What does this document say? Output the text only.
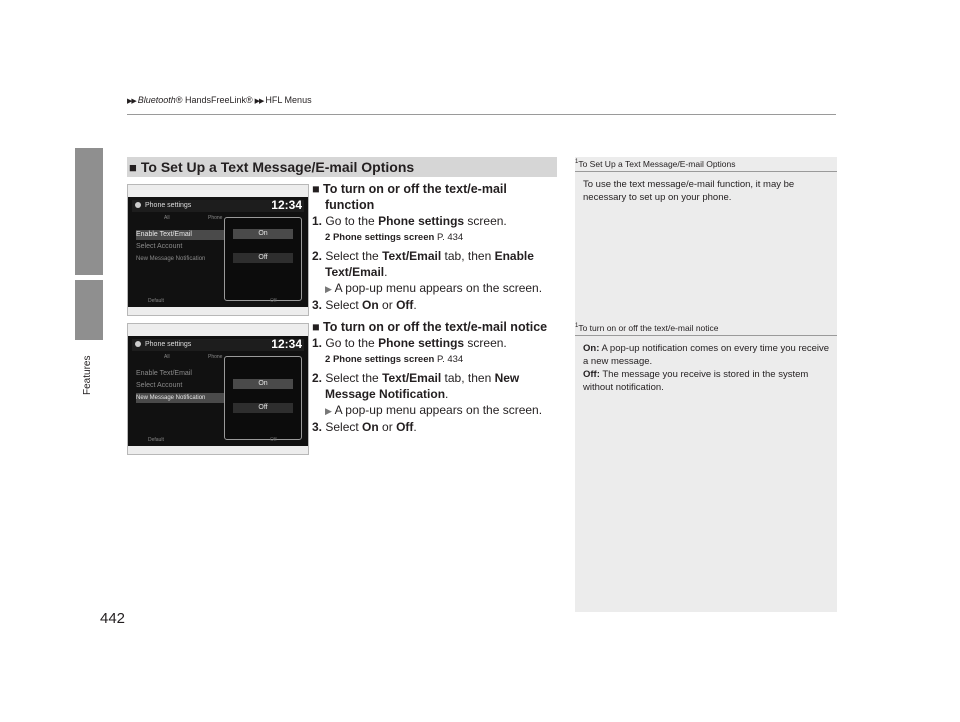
▶▶ Bluetooth® HandsFreeLink® ▶▶ HFL Menus
Features
442
■ To Set Up a Text Message/E-mail Options
Phone settings	12:34
All	Phone
Enable Text/Email
Select Account
New Message Notification
On
Off
Default	Off
Phone settings	12:34
All	Phone
Enable Text/Email
Select Account
New Message Notification
On
Off
Default	Off
■ To turn on or off the text/e-mail
function
1. Go to the Phone settings screen.
2 Phone settings screen P. 434
2. Select the Text/Email tab, then Enable
Text/Email.
▶ A pop-up menu appears on the screen.
3. Select On or Off.
■ To turn on or off the text/e-mail notice
1. Go to the Phone settings screen.
2 Phone settings screen P. 434
2. Select the Text/Email tab, then New
Message Notification.
▶ A pop-up menu appears on the screen.
3. Select On or Off.
$^1$To Set Up a Text Message/E-mail Options
To use the text message/e-mail function, it may be necessary to set up on your phone.
$^1$To turn on or off the text/e-mail notice
On: A pop-up notification comes on every time you receive a new message.
Off: The message you receive is stored in the system without notification.
